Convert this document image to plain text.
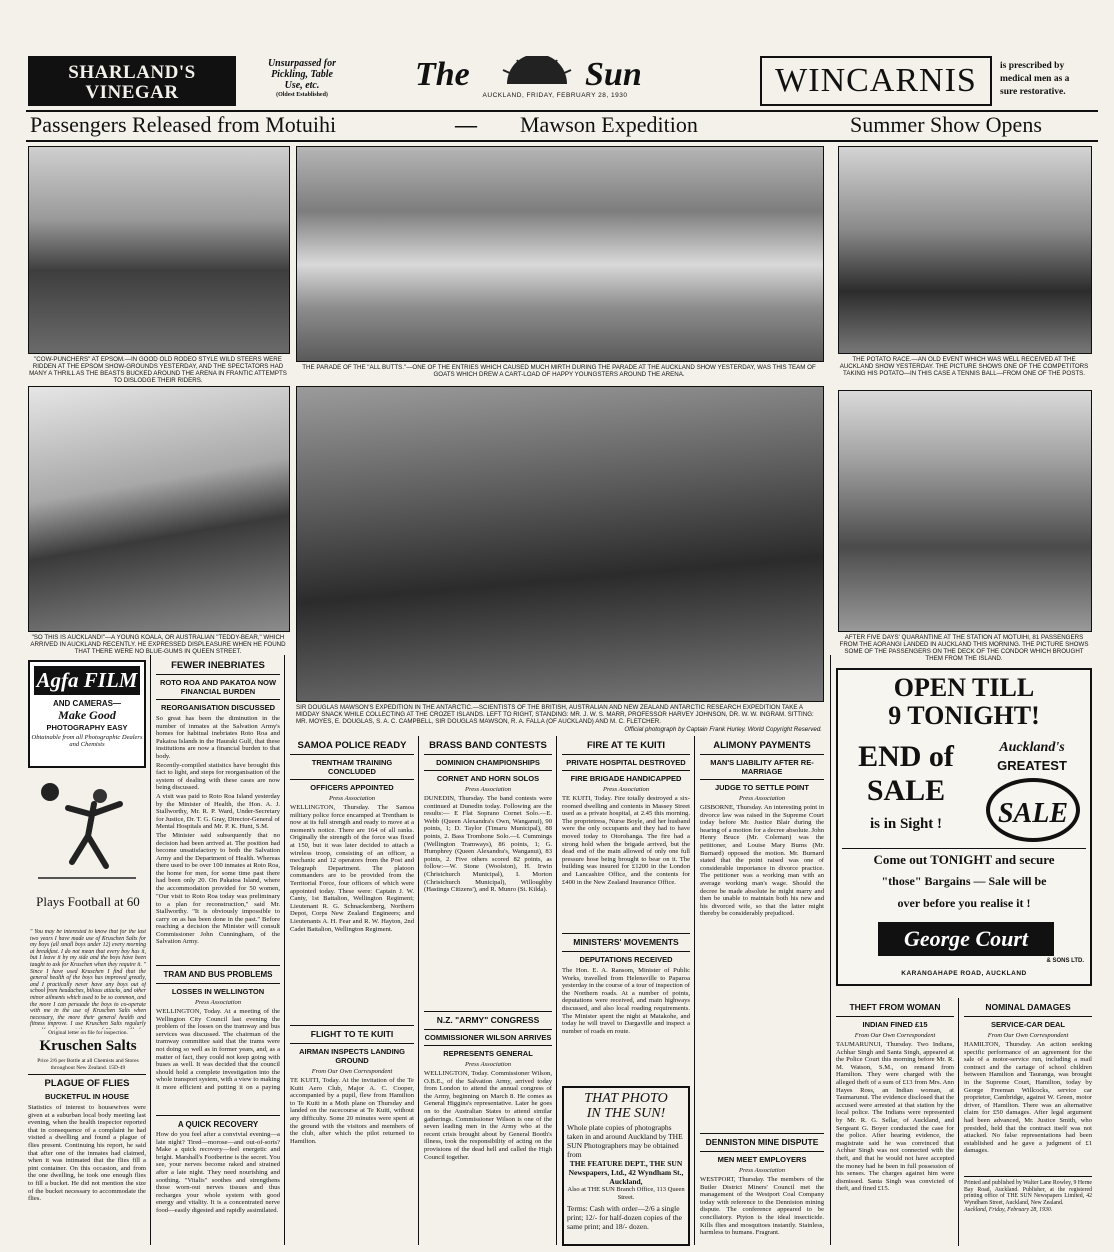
SHARLAND'S VINEGAR
Unsurpassed for
Pickling, Table
Use, etc.
(Oldest Established)
The	Sun
AUCKLAND, FRIDAY, FEBRUARY 28, 1930	WINCARNIS	is prescribed by
medical men as a
sure restorative.
Passengers Released from Motuihi	—	Mawson Expedition	Summer Show Opens
"COW-PUNCHERS" AT EPSOM.—IN GOOD OLD RODEO STYLE WILD STEERS WERE RIDDEN AT THE EPSOM SHOW-GROUNDS YESTERDAY, AND THE SPECTATORS HAD MANY A THRILL AS THE BEASTS BUCKED AROUND THE ARENA IN FRANTIC ATTEMPTS TO DISLODGE THEIR RIDERS.
THE PARADE OF THE "ALL BUTTS."—ONE OF THE ENTRIES WHICH CAUSED MUCH MIRTH DURING THE PARADE AT THE AUCKLAND SHOW YESTERDAY, WAS THIS TEAM OF GOATS WHICH DREW A CART-LOAD OF HAPPY YOUNGSTERS AROUND THE ARENA.
THE POTATO RACE.—AN OLD EVENT WHICH WAS WELL RECEIVED AT THE AUCKLAND SHOW YESTERDAY. THE PICTURE SHOWS ONE OF THE COMPETITORS TAKING HIS POTATO—IN THIS CASE A TENNIS BALL—FROM ONE OF THE POSTS.
"SO THIS IS AUCKLAND!"—A YOUNG KOALA, OR AUSTRALIAN "TEDDY-BEAR," WHICH ARRIVED IN AUCKLAND RECENTLY. HE EXPRESSED DISPLEASURE WHEN HE FOUND THAT THERE WERE NO BLUE-GUMS IN QUEEN STREET.
SIR DOUGLAS MAWSON'S EXPEDITION IN THE ANTARCTIC.—SCIENTISTS OF THE BRITISH, AUSTRALIAN AND NEW ZEALAND ANTARCTIC RESEARCH EXPEDITION TAKE A MIDDAY SNACK WHILE COLLECTING AT THE CROZET ISLANDS. LEFT TO RIGHT, STANDING: MR. J. W. S. MARR, PROFESSOR HARVEY JOHNSON, DR. W. W. INGRAM. SITTING: MR. MOYES, E. DOUGLAS, S. A. C. CAMPBELL, SIR DOUGLAS MAWSON, R. A. FALLA (OF AUCKLAND) AND M. C. FLETCHER.
Official photograph by Captain Frank Hurley. World Copyright Reserved.
AFTER FIVE DAYS' QUARANTINE AT THE STATION AT MOTUIHI, 81 PASSENGERS FROM THE AORANGI LANDED IN AUCKLAND THIS MORNING. THE PICTURE SHOWS SOME OF THE PASSENGERS ON THE DECK OF THE CONDOR WHICH BROUGHT THEM FROM THE ISLAND.
Agfa FILM
AND CAMERAS—
Make Good
PHOTOGRAPHY EASY
Obtainable from all Photographic Dealers and Chemists
Plays Football at 60
" You may be interested to know that for the last two years I have made use of Kruschen Salts for my boys (all small boys under 12) every morning at breakfast. I do not mean that every boy has it, but I leave it by my side and the boys have been taught to ask for Kruschen when they require it. " Since I have used Kruschen I find that the general health of the boys has improved greatly, and I practically never have any boys out of school from headaches, bilious attacks, and other minor ailments which used to be so common, and the more I can persuade the boys to co-operate with me in the use of Kruschen Salts when necessary, the more their general health and fitness improve. I use Kruschen Salts regularly
Original letter on file for inspection.
Kruschen Salts
Price 2/6 per Bottle at all Chemists and Stores throughout New Zealand. 15D-49
PLAGUE OF FLIES
BUCKETFUL IN HOUSE
Statistics of interest to housewives were given at a suburban local body meeting last evening, when the health inspector reported that in consequence of a complaint he had visited a dwelling and found a plague of flies present. Continuing his report, he said that after one of the inmates had claimed, when it was intimated that the flies fill a pint container. On this occasion, and from the one dwelling, he took one enough flies to fill a bucket. He did not mention the size of the bucket necessary to accommodate the flies.
FEWER INEBRIATES
ROTO ROA AND PAKATOA NOW FINANCIAL BURDEN
REORGANISATION DISCUSSED
So great has been the diminution in the number of inmates at the Salvation Army's homes for habitual inebriates Roto Roa and Pakatoa Islands in the Hauraki Gulf, that these institutions are now a financial burden to that body.
Recently-compiled statistics have brought this fact to light, and steps for reorganisation of the system of dealing with these cases are now being discussed.
A visit was paid to Roto Roa Island yesterday by the Minister of Health, the Hon. A. J. Stallworthy, Mr. R. P. Ward, Under-Secretary for Justice, Dr. T. G. Gray, Director-General of Mental Hospitals and Mr. P. K. Hunt, S.M.
The Minister said subsequently that no decision had been arrived at. The position had become unsatisfactory to both the Salvation Army and the Department of Health. Whereas there used to be over 100 inmates at Roto Roa, the home for men, for some time past there had been only 20. On Pakatoa Island, where the accommodation provided for 50 women,
"Our visit to Roto Roa today was preliminary to a plan for reconstruction," said Mr. Stallworthy. "It is obviously impossible to carry on as has been done in the past." Before reaching a decision the Minister will consult Commissioner John Cunningham, of the Salvation Army.
TRAM AND BUS PROBLEMS
LOSSES IN WELLINGTON
Press Association
WELLINGTON, Today. At a meeting of the Wellington City Council last evening the problem of the losses on the tramway and bus services was discussed. The chairman of the tramway committee said that the trams were not doing so well as in former years, and, as a matter of fact, they could not keep going with buses as well. It was decided that the council should hold a complete investigation into the whole transport system, with a view to making it more efficient and putting it on a paying
A QUICK RECOVERY
How do you feel after a convivial evening—a late night? Tired—morose—and out-of-sorts? Make a quick recovery—feel energetic and bright. Marshall's Footberine is the secret. You see, your nerves become raked and strained after a late night. They need nourishing and soothing. "Vitalis" soothes and strengthens those worn-out nerves tissues and thus recharges your whole system with good energy and vitality. It is a concentrated nerve food—easily digested and rapidly assimilated.
SAMOA POLICE READY
TRENTHAM TRAINING CONCLUDED
OFFICERS APPOINTED
Press Association
WELLINGTON, Thursday. The Samoa military police force encamped at Trentham is now at its full strength and ready to move at a moment's notice. There are 164 of all ranks. Originally the strength of the force was fixed at 150, but it was later decided to attach a wireless troop, consisting of an officer, a mechanic and 12 operators from the Post and Telegraph Department. The platoon commanders are to be provided from the Territorial Force, four officers of which were appointed today. These were: Captain J. W. Canty, 1st Battalion, Wellington Regiment; Lieutenant R. G. Schnackenberg, Northern Depot, Corps New Zealand Engineers; and Lieutenants A. H. Fear and R. W. Hayton, 2nd Cadet Battalion, Wellington Regiment.
FLIGHT TO TE KUITI
AIRMAN INSPECTS LANDING GROUND
From Our Own Correspondent
TE KUITI, Today. At the invitation of the Te Kuiti Aero Club, Major A. C. Cooper, accompanied by a pupil, flew from Hamilton to Te Kuiti in a Moth plane on Thursday and landed on the racecourse at Te Kuiti, without any difficulty. Some 20 minutes were spent at the ground with the visitors and members of the club, after which the pilot returned to Hamilton.
BRASS BAND CONTESTS
DOMINION CHAMPIONSHIPS
CORNET AND HORN SOLOS
Press Association
DUNEDIN, Thursday. The band contests were continued at Dunedin today. Following are the results:— E Flat Soprano Cornet Solo.—E. Webb (Queen Alexandra's Own, Wanganui), 90 points, 1; D. Taylor (Timaru Municipal), 88 points, 2. Bass Trombone Solo.—I. Cummings (Wellington Tramways), 86 points, 1; G. Humphrey (Queen Alexandra's, Wanganui), 83 points, 2. Five others scored 82 points, as follow:—W. Stone (Woolston), H. Irwin (Christchurch Municipal), I. Morton (Christchurch Municipal), Willoughby (Hastings Citizens'), and R. Munro (St. Kilda).
N.Z. "ARMY" CONGRESS
COMMISSIONER WILSON ARRIVES
REPRESENTS GENERAL
Press Association
WELLINGTON, Today. Commissioner Wilson, O.B.E., of the Salvation Army, arrived today from London to attend the annual congress of the Army, beginning on March 8. He comes as General Higgins's representative. Later he goes on to the Australian States to attend similar gatherings. Commissioner Wilson is one of the seven leading men in the Army who at the recent crisis brought about by General Booth's illness, took the responsibility of acting on the provisions of the dead hell and called the High Council together.
FIRE AT TE KUITI
PRIVATE HOSPITAL DESTROYED
FIRE BRIGADE HANDICAPPED
Press Association
TE KUITI, Today. Fire totally destroyed a six-roomed dwelling and contents in Massey Street used as a private hospital, at 2.45 this morning. The proprietress, Nurse Boyle, and her husband were the only occupants and they had to have moved today to Otorohanga. The fire had a strong hold when the brigade arrived, but the dead end of the main allowed of only one full pressure hose being brought to bear on it. The building was insured for £1200 in the London and Lancashire Office, and the contents for £400 in the New Zealand Insurance Office.
MINISTERS' MOVEMENTS
DEPUTATIONS RECEIVED
The Hon. E. A. Ransom, Minister of Public Works, travelled from Helensville to Paparoa yesterday in the course of a tour of inspection of the Northern roads. At a number of points, deputations were received, and main highways discussed, and also local roading requirements. The Minister spent the night at Matakohe, and today he will travel to Dargaville and inspect a number of roads en route.
THAT PHOTO
IN THE SUN!
Whole plate copies of photographs taken in and around Auckland by THE SUN Photographers may be obtained from
THE FEATURE DEPT., THE SUN Newspapers, Ltd., 42 Wyndham St., Auckland,
Also at THE SUN Branch Office, 113 Queen Street.
Terms: Cash with order—2/6 a single print; 12/- for half-dozen copies of the same print; and 18/- dozen.
ALIMONY PAYMENTS
MAN'S LIABILITY AFTER RE-MARRIAGE
JUDGE TO SETTLE POINT
Press Association
GISBORNE, Thursday. An interesting point in divorce law was raised in the Supreme Court today before Mr. Justice Blair during the hearing of a motion for a decree absolute. John Henry Bruce (Mr. Coleman) was the petitioner, and Louise Mary Burns (Mr. Burnard) opposed the motion. Mr. Burnard stated that the point raised was one of considerable importance in divorce practice. The petitioner was a working man with an average working man's wage. Should the decree be made absolute he might marry and then be unable to maintain both his new and his divorced wife, so that the latter might thereby be considerably prejudiced.
DENNISTON MINE DISPUTE
MEN MEET EMPLOYERS
Press Association
WESTPORT, Thursday. The members of the Butler District Miners' Council met the management of the Westport Coal Company today with reference to the Denniston mining dispute. The conference appeared to be conciliatory. Ptyton is the ideal insecticide. Kills flies and mosquitoes instantly. Stainless, harmless to humans. Fragrant.
OPEN TILL
9 TONIGHT!
END of SALE
is in Sight !
Auckland's
GREATEST
SALE
Come out TONIGHT and secure
"those" Bargains — Sale will be
over before you realise it !
George Court
& SONS LTD.
KARANGAHAPE ROAD, AUCKLAND
THEFT FROM WOMAN
INDIAN FINED £15
From Our Own Correspondent
TAUMARUNUI, Thursday. Two Indians, Achhar Singh and Santa Singh, appeared at the Police Court this morning before Mr. R. M. Watson, S.M., on remand from Hamilton. They were charged with the alleged theft of a sum of £13 from Mrs. Ann Hayes Ross, an Indian woman, at Taumarunui. The evidence disclosed that the accused were arrested at that station by the local police. The Indians were represented by Mr. R. G. Sellar, of Auckland, and Sergeant G. Boyer conducted the case for the police. After hearing evidence, the magistrate said he was convinced that Achhar Singh was not connected with the theft, and that he would not have accepted the money had he been in full possession of his senses. The charges against him were dismissed. Santa Singh was convicted of theft, and fined £15.
NOMINAL DAMAGES
SERVICE-CAR DEAL
From Our Own Correspondent
HAMILTON, Thursday. An action seeking specific performance of an agreement for the sale of a motor-service run, including a mail contract and the cartage of school children between Hamilton and Tauranga, was brought in the Supreme Court, Hamilton, today by George Freeman Willcocks, service car proprietor, Cambridge, against W. Green, motor driver, of Hamilton. There was an alternative claim for £50 damages. After legal argument had been advanced, Mr. Justice Smith, who presided, held that the contract itself was not attacked. No false representations had been established and he gave a judgment of £1 damages.
Printed and published by Walter Lane Rowley, 9 Herne Bay Road, Auckland. Publisher, at the registered printing office of THE SUN Newspapers Limited, 42 Wyndham Street, Auckland, New Zealand.
Auckland, Friday, February 28, 1930.
